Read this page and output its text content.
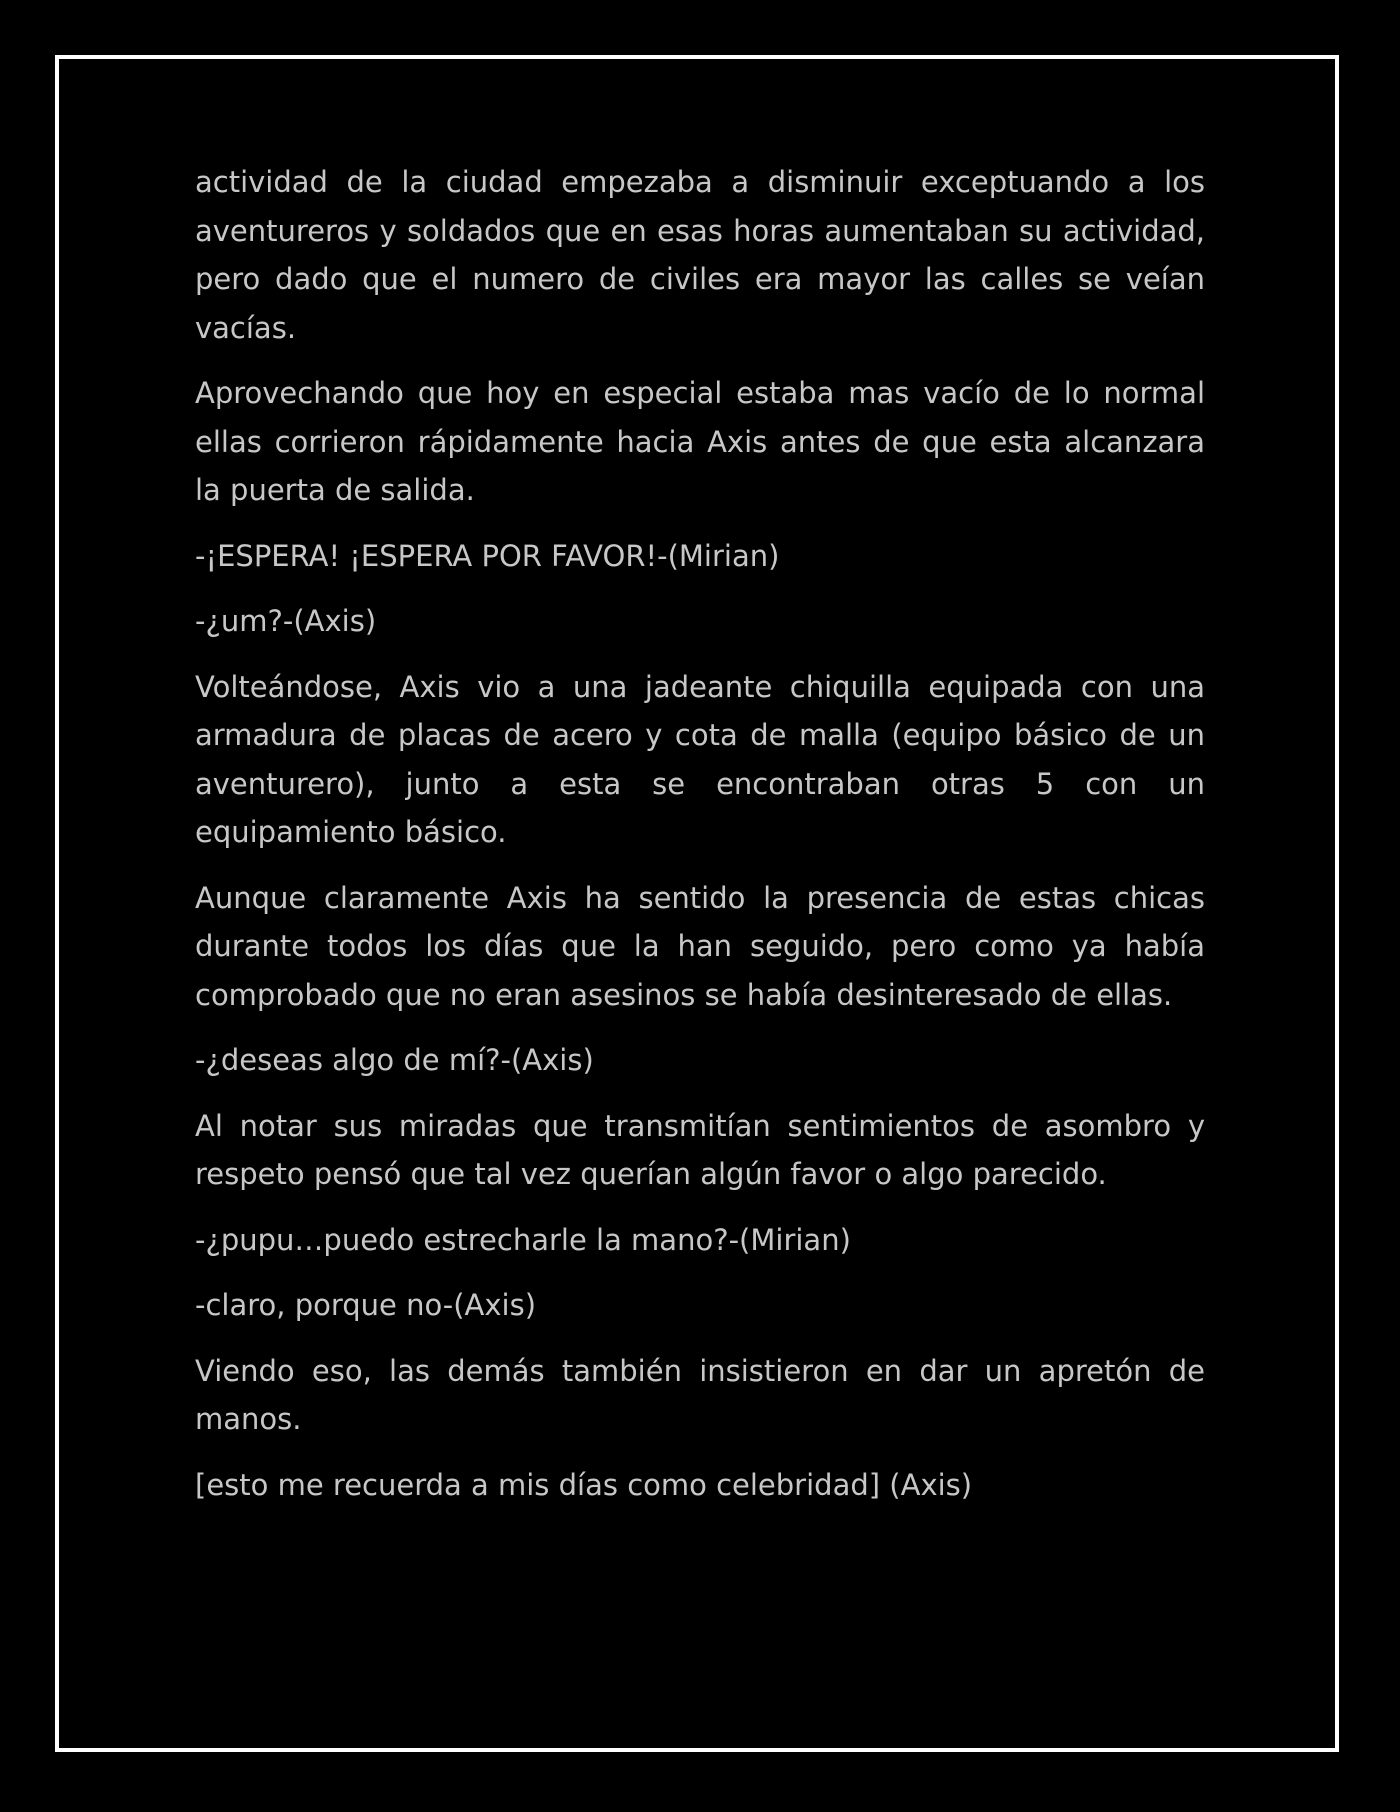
actividad de la ciudad empezaba a disminuir exceptuando a los aventureros y soldados que en esas horas aumentaban su actividad, pero dado que el numero de civiles era mayor las calles se veían vacías.

Aprovechando que hoy en especial estaba mas vacío de lo normal ellas corrieron rápidamente hacia Axis antes de que esta alcanzara la puerta de salida.

-¡ESPERA! ¡ESPERA POR FAVOR!-(Mirian)

-¿um?-(Axis)

Volteándose, Axis vio a una jadeante chiquilla equipada con una armadura de placas de acero y cota de malla (equipo básico de un aventurero), junto a esta se encontraban otras 5 con un equipamiento básico.

Aunque claramente Axis ha sentido la presencia de estas chicas durante todos los días que la han seguido, pero como ya había comprobado que no eran asesinos se había desinteresado de ellas.

-¿deseas algo de mí?-(Axis)

Al notar sus miradas que transmitían sentimientos de asombro y respeto pensó que tal vez querían algún favor o algo parecido.

-¿pupu…puedo estrecharle la mano?-(Mirian)

-claro, porque no-(Axis)

Viendo eso, las demás también insistieron en dar un apretón de manos.

[esto me recuerda a mis días como celebridad] (Axis)
